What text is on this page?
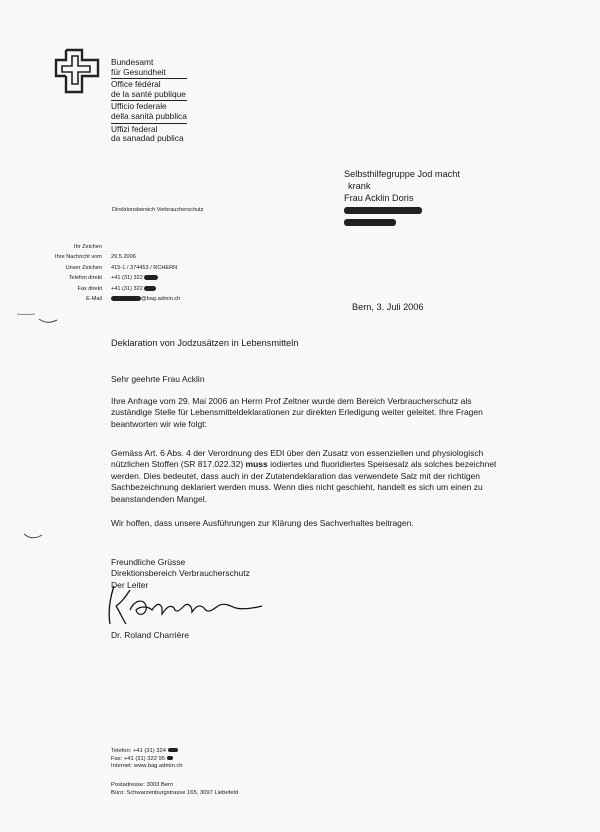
Bundesamt
für Gesundheit
Office fédéral
de la santé publique
Ufficio federale
della sanità pubblica
Uffizi federal
da sanadad publica
Direktionsbereich Verbraucherschutz
Selbsthilfegruppe Jod macht
krank
Frau Acklin Doris
Ihr Zeichen
Ihre Nachricht vom
Unser Zeichen
Telefon direkt
Fax direkt
E-Mail

29.5.2006
415-1 / 374453 / RCHERN
+41 (31) 322
+41 (31) 322
@bag.admin.ch
Bern, 3. Juli 2006
Deklaration von Jodzusätzen in Lebensmitteln

Sehr geehrte Frau Acklin

Ihre Anfrage vom 29. Mai 2006 an Herrn Prof Zeltner wurde dem Bereich Verbraucherschutz als zuständige Stelle für Lebensmitteldeklarationen zur direkten Erledigung weiter geleitet. Ihre Fragen beantworten wir wie folgt:

Gemäss Art. 6 Abs. 4 der Verordnung des EDI über den Zusatz von essenziellen und physiologisch nützlichen Stoffen (SR 817.022.32) muss iodiertes und fluoridiertes Speisesalz als solches bezeichnet werden. Dies bedeutet, dass auch in der Zutatendeklaration das verwendete Salz mit der richtigen Sachbezeichnung deklariert werden muss. Wenn dies nicht geschieht, handelt es sich um einen zu beanstandenden Mangel.

Wir hoffen, dass unsere Ausführungen zur Klärung des Sachverhaltes beitragen.

Freundliche Grüsse
Direktionsbereich Verbraucherschutz
Der Leiter
Dr. Roland Charrière
Telefon: +41 (31) 324
Fax: +41 (31) 322 95
Internet: www.bag.admin.ch
Postadresse: 3003 Bern
Büro: Schwarzenburgstrasse 165, 3097 Liebefeld
